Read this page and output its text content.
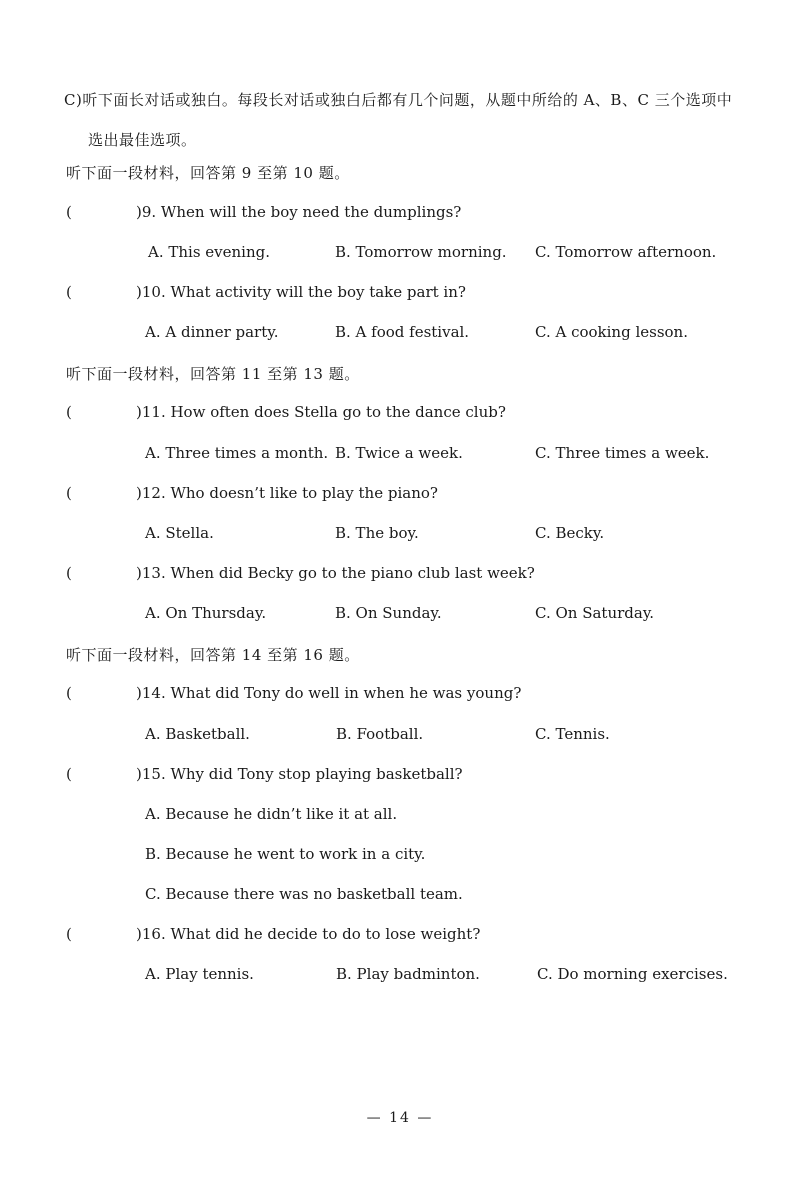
C)听下面长对话或独白。每段长对话或独白后都有几个问题，从题中所给的 A、B、C 三个选项中
选出最佳选项。
听下面一段材料，回答第 9 至第 10 题。
(	)9. When will the boy need the dumplings?
A. This evening.	B. Tomorrow morning. C. Tomorrow afternoon.
(	)10. What activity will the boy take part in?
A. A dinner party.	B. A food festival.	C. A cooking lesson.
听下面一段材料，回答第 11 至第 13 题。
(	)11. How often does Stella go to the dance club?
A. Three times a month. B. Twice a week.	C. Three times a week.
(	)12. Who doesn’t like to play the piano?
A. Stella.	B. The boy.	C. Becky.
(	)13. When did Becky go to the piano club last week?
A. On Thursday.	B. On Sunday.	C. On Saturday.
听下面一段材料，回答第 14 至第 16 题。
(	)14. What did Tony do well in when he was young?
A. Basketball.	B. Football.	C. Tennis.
(	)15. Why did Tony stop playing basketball?
A. Because he didn’t like it at all.
B. Because he went to work in a city.
C. Because there was no basketball team.
(	)16. What did he decide to do to lose weight?
A. Play tennis.	B. Play badminton.	C. Do morning exercises.
— 14 —
